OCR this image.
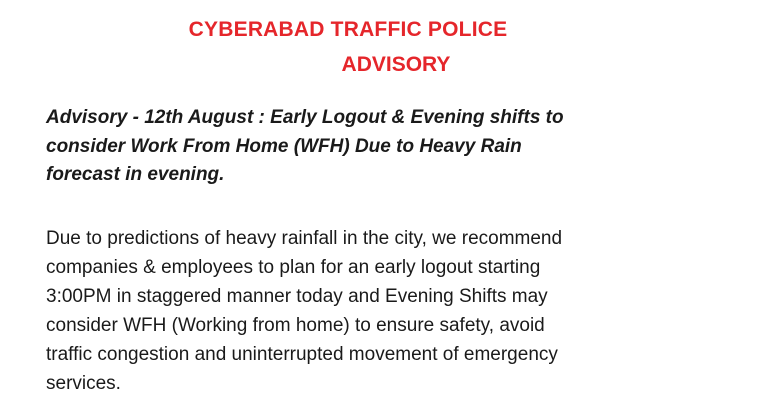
CYBERABAD TRAFFIC POLICE
ADVISORY
Advisory - 12th August : Early Logout & Evening shifts to
consider Work From Home (WFH) Due to Heavy Rain
forecast in evening.
Due to predictions of heavy rainfall in the city, we recommend
companies & employees to plan for an early logout starting
3:00PM in staggered manner today and Evening Shifts may
consider WFH (Working from home) to ensure safety, avoid
traffic congestion and uninterrupted movement of emergency
services.
